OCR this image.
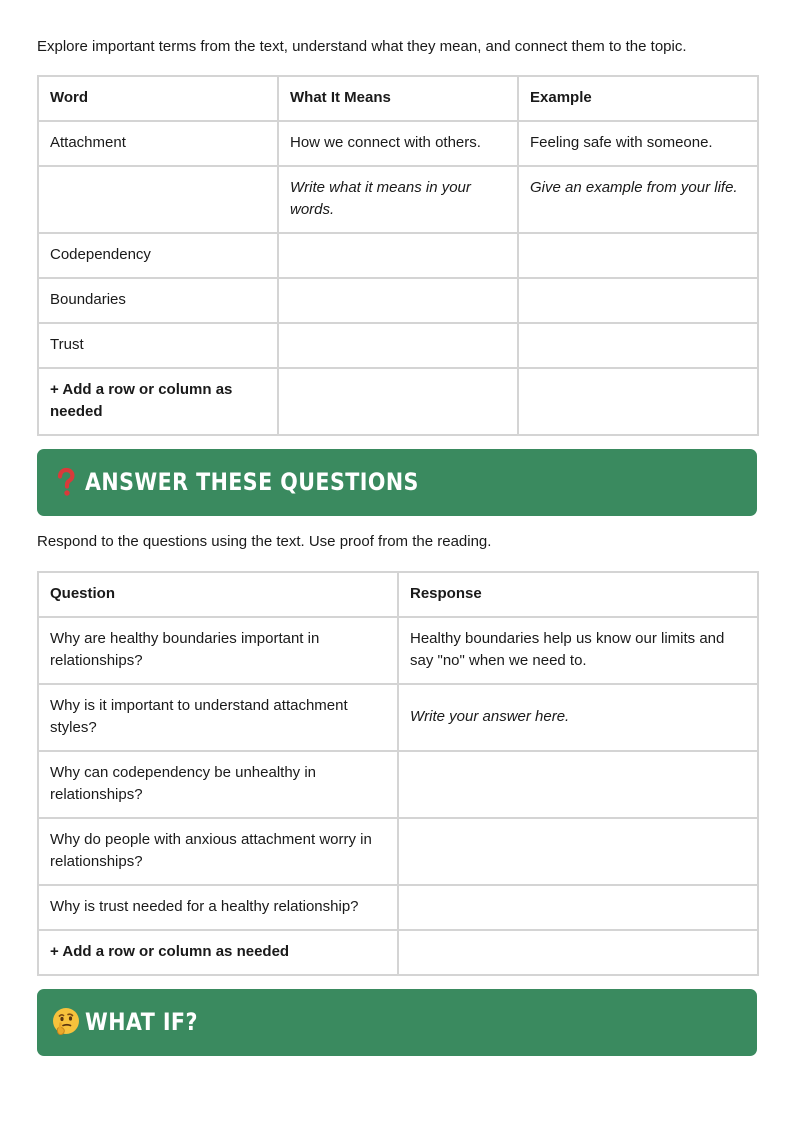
Explore important terms from the text, understand what they mean, and connect them to the topic.
Word	What It Means	Example
Attachment	How we connect with others.	Feeling safe with someone.
	Write what it means in your words.	Give an example from your life.
Codependency		
Boundaries		
Trust		
+ Add a row or column as needed		
ANSWER THESE QUESTIONS
Respond to the questions using the text. Use proof from the reading.
Question	Response
Why are healthy boundaries important in relationships?	Healthy boundaries help us know our limits and say "no" when we need to.
Why is it important to understand attachment styles?	Write your answer here.
Why can codependency be unhealthy in relationships?	
Why do people with anxious attachment worry in relationships?	
Why is trust needed for a healthy relationship?	
+ Add a row or column as needed	
WHAT IF?
